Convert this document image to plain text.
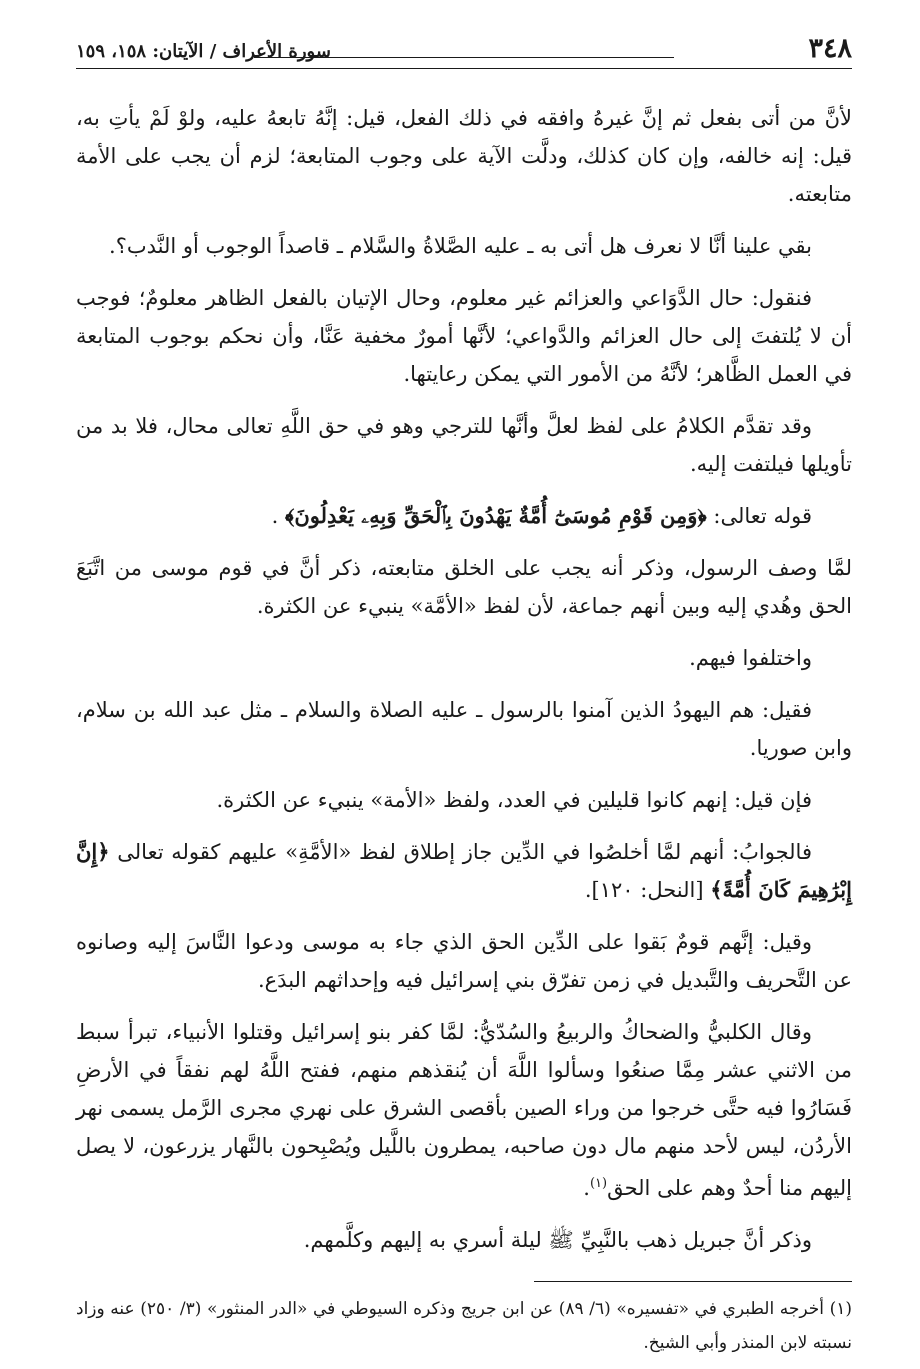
٣٤٨
سورة الأعراف / الآيتان: ١٥٨، ١٥٩

لأنَّ من أتى بفعل ثم إنَّ غيرهُ وافقه في ذلك الفعل، قيل: إنَّهُ تابعهُ عليه، ولوْ لَمْ يأتِ به، قيل: إنه خالفه، وإن كان كذلك، ودلَّت الآية على وجوب المتابعة؛ لزم أن يجب على الأمة متابعته.

بقي علينا أنَّا لا نعرف هل أتى به ـ عليه الصَّلاةُ والسَّلام ـ قاصداً الوجوب أو النَّدب؟.

فنقول: حال الدَّوَاعي والعزائم غير معلوم، وحال الإتيان بالفعل الظاهر معلومٌ؛ فوجب أن لا يُلتفتَ إلى حال العزائم والدَّواعي؛ لأنَّها أمورٌ مخفية عَنَّا، وأن نحكم بوجوب المتابعة في العمل الظَّاهر؛ لأنَّهُ من الأمور التي يمكن رعايتها.

وقد تقدَّم الكلامُ على لفظ لعلَّ وأنَّها للترجي وهو في حق اللَّهِ تعالى محال، فلا بد من تأويلها فيلتفت إليه.

قوله تعالى: ﴿وَمِن قَوْمِ مُوسَىٰٓ أُمَّةٌ يَهْدُونَ بِٱلْحَقِّ وَبِهِۦ يَعْدِلُونَ﴾ .

لمَّا وصف الرسول، وذكر أنه يجب على الخلق متابعته، ذكر أنَّ في قوم موسى من اتَّبَعَ الحق وهُدي إليه وبين أنهم جماعة، لأن لفظ «الأمَّة» ينبيء عن الكثرة.

واختلفوا فيهم.

فقيل: هم اليهودُ الذين آمنوا بالرسول ـ عليه الصلاة والسلام ـ مثل عبد الله بن سلام، وابن صوريا.

فإن قيل: إنهم كانوا قليلين في العدد، ولفظ «الأمة» ينبيء عن الكثرة.

فالجوابُ: أنهم لمَّا أخلصُوا في الدِّين جاز إطلاق لفظ «الأمَّةِ» عليهم كقوله تعالى ﴿إِنَّ إِبْرَٰهِيمَ كَانَ أُمَّةً﴾ [النحل: ١٢٠].

وقيل: إنَّهم قومٌ بَقوا على الدِّين الحق الذي جاء به موسى ودعوا النَّاسَ إليه وصانوه عن التَّحريف والتَّبديل في زمن تفرّق بني إسرائيل فيه وإحداثهم البدَع.

وقال الكلبيُّ والضحاكُ والربيعُ والسُدّيُّ: لمَّا كفر بنو إسرائيل وقتلوا الأنبياء، تبرأ سبط من الاثني عشر مِمَّا صنعُوا وسألوا اللَّهَ أن يُنقذهم منهم، ففتح اللَّهُ لهم نفقاً في الأرضِ فَسَارُوا فيه حتَّى خرجوا من وراء الصين بأقصى الشرق على نهري مجرى الرَّمل يسمى نهر الأردُن، ليس لأحد منهم مال دون صاحبه، يمطرون باللَّيل ويُصْبِحون بالنَّهار يزرعون، لا يصل إليهم منا أحدٌ وهم على الحق$^{(١)}$.

وذكر أنَّ جبريل ذهب بالنَّبِيِّ ﷺ ليلة أسري به إليهم وكلَّمهم.

(١) أخرجه الطبري في «تفسيره» (٦/ ٨٩) عن ابن جريج وذكره السيوطي في «الدر المنثور» (٣/ ٢٥٠) عنه وزاد نسبته لابن المنذر وأبي الشيخ.
